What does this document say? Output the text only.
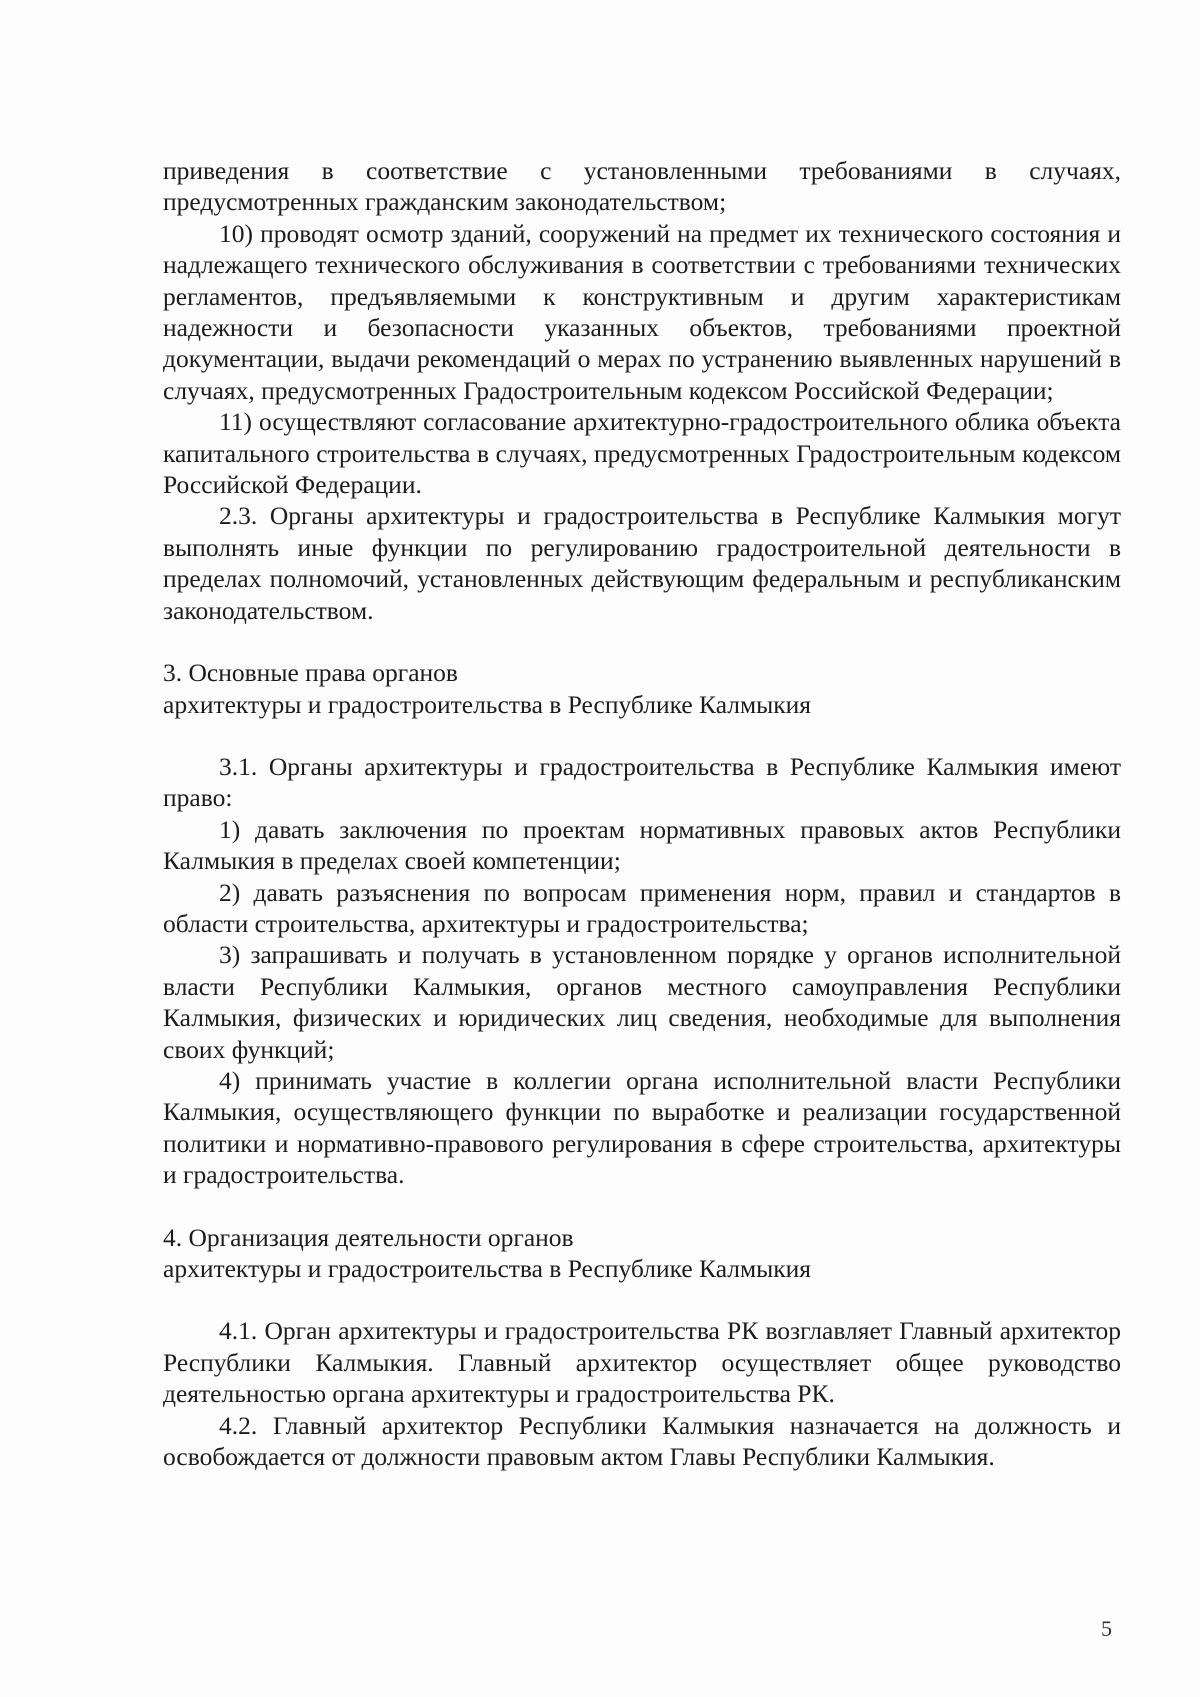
приведения в соответствие с установленными требованиями в случаях, предусмотренных гражданским законодательством;

10) проводят осмотр зданий, сооружений на предмет их технического состояния и надлежащего технического обслуживания в соответствии с требованиями технических регламентов, предъявляемыми к конструктивным и другим характеристикам надежности и безопасности указанных объектов, требованиями проектной документации, выдачи рекомендаций о мерах по устранению выявленных нарушений в случаях, предусмотренных Градостроительным кодексом Российской Федерации;

11) осуществляют согласование архитектурно-градостроительного облика объекта капитального строительства в случаях, предусмотренных Градостроительным кодексом Российской Федерации.

2.3. Органы архитектуры и градостроительства в Республике Калмыкия могут выполнять иные функции по регулированию градостроительной деятельности в пределах полномочий, установленных действующим федеральным и республиканским законодательством.

3. Основные права органов

архитектуры и градостроительства в Республике Калмыкия

3.1. Органы архитектуры и градостроительства в Республике Калмыкия имеют право:

1) давать заключения по проектам нормативных правовых актов Республики Калмыкия в пределах своей компетенции;

2) давать разъяснения по вопросам применения норм, правил и стандартов в области строительства, архитектуры и градостроительства;

3) запрашивать и получать в установленном порядке у органов исполнительной власти Республики Калмыкия, органов местного самоуправления Республики Калмыкия, физических и юридических лиц сведения, необходимые для выполнения своих функций;

4) принимать участие в коллегии органа исполнительной власти Республики Калмыкия, осуществляющего функции по выработке и реализации государственной политики и нормативно-правового регулирования в сфере строительства, архитектуры и градостроительства.

4. Организация деятельности органов

архитектуры и градостроительства в Республике Калмыкия

4.1. Орган архитектуры и градостроительства РК возглавляет Главный архитектор Республики Калмыкия. Главный архитектор осуществляет общее руководство деятельностью органа архитектуры и градостроительства РК.

4.2. Главный архитектор Республики Калмыкия назначается на должность и освобождается от должности правовым актом Главы Республики Калмыкия.

5
